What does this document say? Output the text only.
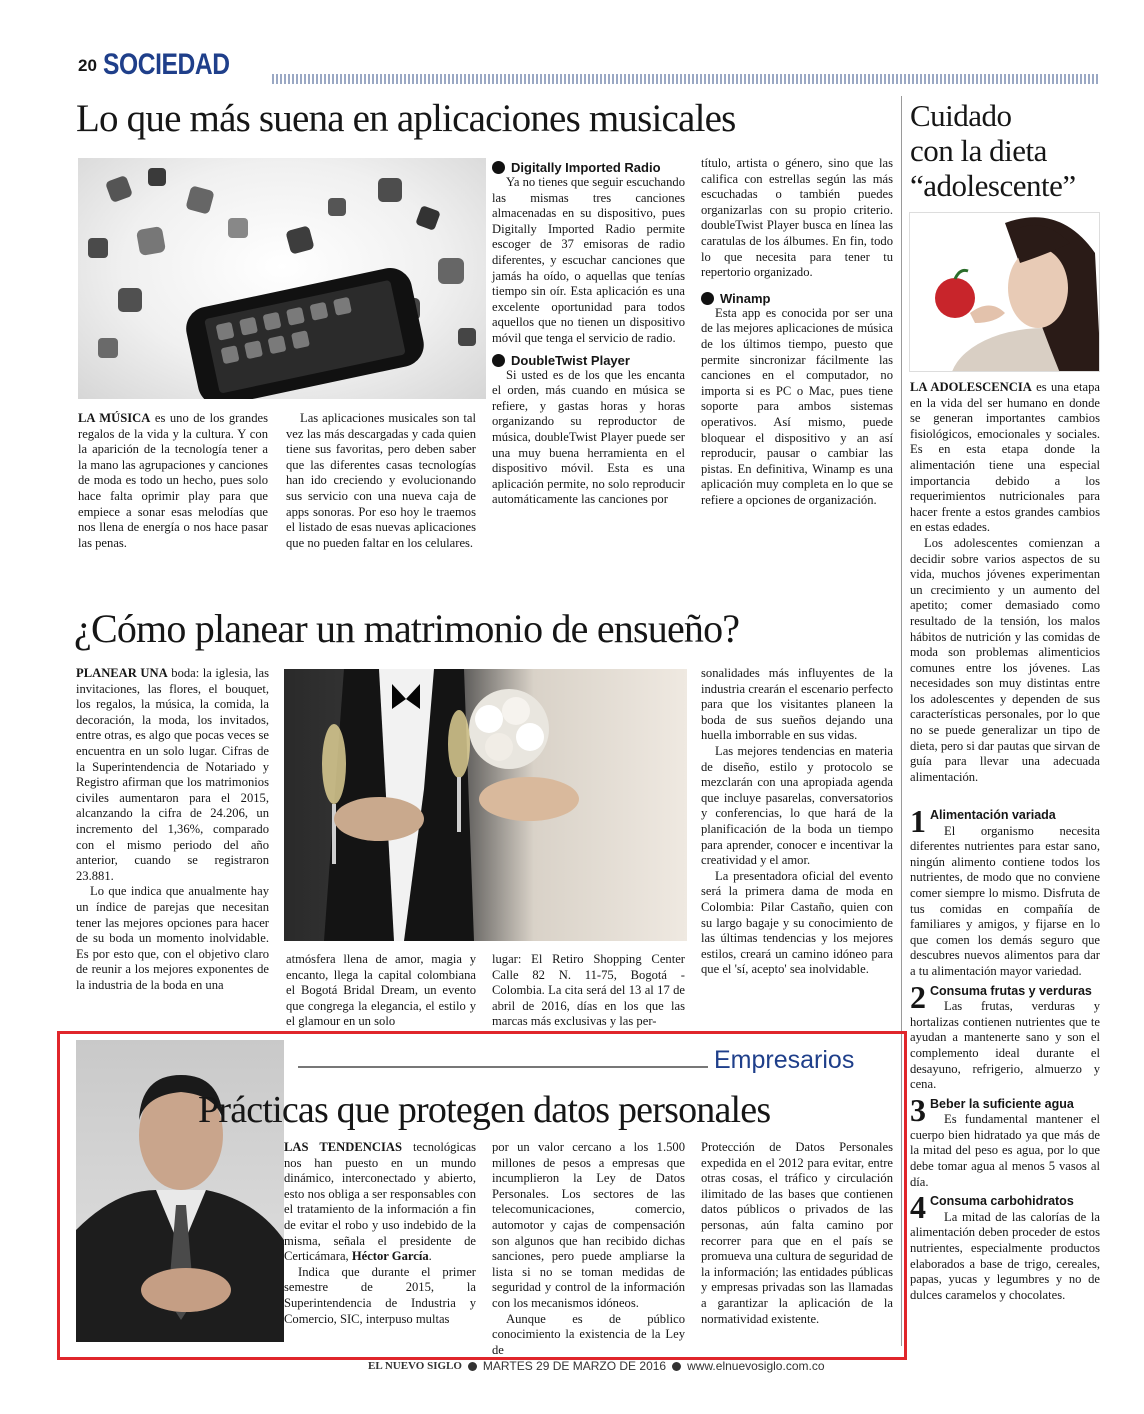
20 SOCIEDAD
Lo que más suena en aplicaciones musicales
LA MÚSICA es uno de los grandes regalos de la vida y la cultura. Y con la aparición de la tecnología tener a la mano las agrupaciones y canciones de moda es todo un hecho, pues solo hace falta oprimir play para que empiece a sonar esas melodías que nos llena de energía o nos hace pasar las penas.
Las aplicaciones musicales son tal vez las más descargadas y cada quien tiene sus favoritas, pero deben saber que las diferentes casas tecnologías han ido creciendo y evolucionando sus servicio con una nueva caja de apps sonoras. Por eso hoy le traemos el listado de esas nuevas aplicaciones que no pueden faltar en los celulares.
Digitally Imported Radio
Ya no tienes que seguir escuchando las mismas tres canciones almacenadas en su dispositivo, pues Digitally Imported Radio permite escoger de 37 emisoras de radio diferentes, y escuchar canciones que jamás ha oído, o aquellas que tenías tiempo sin oír. Esta aplicación es una excelente oportunidad para todos aquellos que no tienen un dispositivo móvil que tenga el servicio de radio.
DoubleTwist Player
Si usted es de los que les encanta el orden, más cuando en música se refiere, y gastas horas y horas organizando su reproductor de música, doubleTwist Player puede ser una muy buena herramienta en el dispositivo móvil. Esta es una aplicación permite, no solo reproducir automáticamente las canciones por
título, artista o género, sino que las califica con estrellas según las más escuchadas o también puedes organizarlas con su propio criterio. doubleTwist Player busca en línea las caratulas de los álbumes. En fin, todo lo que necesita para tener tu repertorio organizado.
Winamp
Esta app es conocida por ser una de las mejores aplicaciones de música de los últimos tiempo, puesto que permite sincronizar fácilmente las canciones en el computador, no importa si es PC o Mac, pues tiene soporte para ambos sistemas operativos. Así mismo, puede bloquear el dispositivo y an así reproducir, pausar o cambiar las pistas. En definitiva, Winamp es una aplicación muy completa en lo que se refiere a opciones de organización.
¿Cómo planear un matrimonio de ensueño?
PLANEAR UNA boda: la iglesia, las invitaciones, las flores, el bouquet, los regalos, la música, la comida, la decoración, la moda, los invitados, entre otras, es algo que pocas veces se encuentra en un solo lugar. Cifras de la Superintendencia de Notariado y Registro afirman que los matrimonios civiles aumentaron para el 2015, alcanzando la cifra de 24.206, un incremento del 1,36%, comparado con el mismo periodo del año anterior, cuando se registraron 23.881.
Lo que indica que anualmente hay un índice de parejas que necesitan tener las mejores opciones para hacer de su boda un momento inolvidable. Es por esto que, con el objetivo claro de reunir a los mejores exponentes de la industria de la boda en una
atmósfera llena de amor, magia y encanto, llega la capital colombiana el Bogotá Bridal Dream, un evento que congrega la elegancia, el estilo y el glamour en un solo
lugar: El Retiro Shopping Center Calle 82 N. 11-75, Bogotá - Colombia. La cita será del 13 al 17 de abril de 2016, días en los que las marcas más exclusivas y las per-
sonalidades más influyentes de la industria crearán el escenario perfecto para que los visitantes planeen la boda de sus sueños dejando una huella imborrable en sus vidas.
Las mejores tendencias en materia de diseño, estilo y protocolo se mezclarán con una apropiada agenda que incluye pasarelas, conversatorios y conferencias, lo que hará de la planificación de la boda un tiempo para aprender, conocer e incentivar la creatividad y el amor.
La presentadora oficial del evento será la primera dama de moda en Colombia: Pilar Castaño, quien con su largo bagaje y su conocimiento de las últimas tendencias y los mejores estilos, creará un camino idóneo para que el 'sí, acepto' sea inolvidable.
Cuidado
con la dieta
“adolescente”
LA ADOLESCENCIA es una etapa en la vida del ser humano en donde se generan importantes cambios fisiológicos, emocionales y sociales. Es en esta etapa donde la alimentación tiene una especial importancia debido a los requerimientos nutricionales para hacer frente a estos grandes cambios en estas edades.
Los adolescentes comienzan a decidir sobre varios aspectos de su vida, muchos jóvenes experimentan un crecimiento y un aumento del apetito; comer demasiado como resultado de la tensión, los malos hábitos de nutrición y las comidas de moda son problemas alimenticios comunes entre los jóvenes. Las necesidades son muy distintas entre los adolescentes y dependen de sus características personales, por lo que no se puede generalizar un tipo de dieta, pero si dar pautas que sirvan de guía para llevar una adecuada alimentación.
1 Alimentación variada
El organismo necesita diferentes nutrientes para estar sano, ningún alimento contiene todos los nutrientes, de modo que no conviene comer siempre lo mismo. Disfruta de tus comidas en compañía de familiares y amigos, y fijarse en lo que comen los demás seguro que descubres nuevos alimentos para dar a tu alimentación mayor variedad.
2 Consuma frutas y verduras
Las frutas, verduras y hortalizas contienen nutrientes que te ayudan a mantenerte sano y son el complemento ideal durante el desayuno, refrigerio, almuerzo y cena.
3 Beber la suficiente agua
Es fundamental mantener el cuerpo bien hidratado ya que más de la mitad del peso es agua, por lo que debe tomar agua al menos 5 vasos al día.
4 Consuma carbohidratos
La mitad de las calorías de la alimentación deben proceder de estos nutrientes, especialmente productos elaborados a base de trigo, cereales, papas, yucas y legumbres y no de dulces caramelos y chocolates.
Empresarios
Prácticas que protegen datos personales
LAS TENDENCIAS tecnológicas nos han puesto en un mundo dinámico, interconectado y abierto, esto nos obliga a ser responsables con el tratamiento de la información a fin de evitar el robo y uso indebido de la misma, señala el presidente de Certicámara, Héctor García.
Indica que durante el primer semestre de 2015, la Superintendencia de Industria y Comercio, SIC, interpuso multas
por un valor cercano a los 1.500 millones de pesos a empresas que incumplieron la Ley de Datos Personales. Los sectores de las telecomunicaciones, comercio, automotor y cajas de compensación son algunos que han recibido dichas sanciones, pero puede ampliarse la lista si no se toman medidas de seguridad y control de la información con los mecanismos idóneos.
Aunque es de público conocimiento la existencia de la Ley de
Protección de Datos Personales expedida en el 2012 para evitar, entre otras cosas, el tráfico y circulación ilimitado de las bases que contienen datos públicos o privados de las personas, aún falta camino por recorrer para que en el país se promueva una cultura de seguridad de la información; las entidades públicas y empresas privadas son las llamadas a garantizar la aplicación de la normatividad existente.
EL NUEVO SIGLO MARTES 29 DE MARZO DE 2016 www.elnuevosiglo.com.co
